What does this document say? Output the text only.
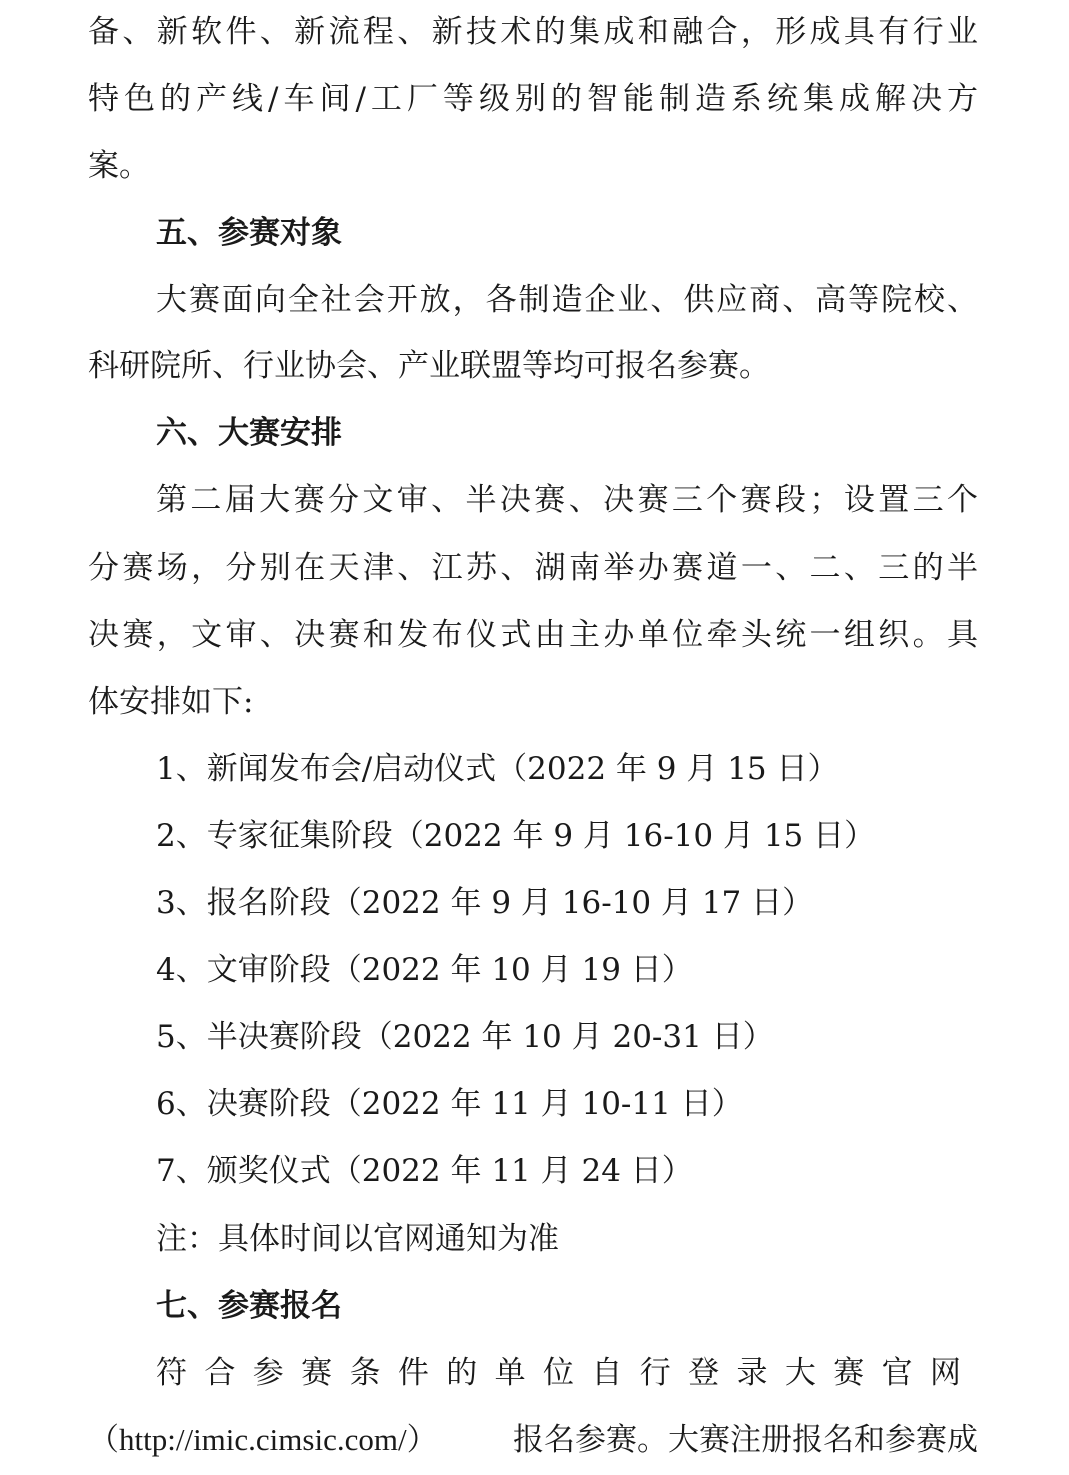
备、新软件、新流程、新技术的集成和融合，形成具有行业
特色的产线/车间/工厂等级别的智能制造系统集成解决方
案。
五、参赛对象
大赛面向全社会开放，各制造企业、供应商、高等院校、
科研院所、行业协会、产业联盟等均可报名参赛。
六、大赛安排
第二届大赛分文审、半决赛、决赛三个赛段；设置三个
分赛场，分别在天津、江苏、湖南举办赛道一、二、三的半
决赛，文审、决赛和发布仪式由主办单位牵头统一组织。具
体安排如下:
1、新闻发布会/启动仪式（2022 年 9 月 15 日）
2、专家征集阶段（2022 年 9 月 16-10 月 15 日）
3、报名阶段（2022 年 9 月 16-10 月 17 日）
4、文审阶段（2022 年 10 月 19 日）
5、半决赛阶段（2022 年 10 月 20-31 日）
6、决赛阶段（2022 年 11 月 10-11 日）
7、颁奖仪式（2022 年 11 月 24 日）
注：具体时间以官网通知为准
七、参赛报名
符合参赛条件的单位自行登录大赛官网
（http://imic.cimsic.com/） 报名参赛。大赛注册报名和参赛成
